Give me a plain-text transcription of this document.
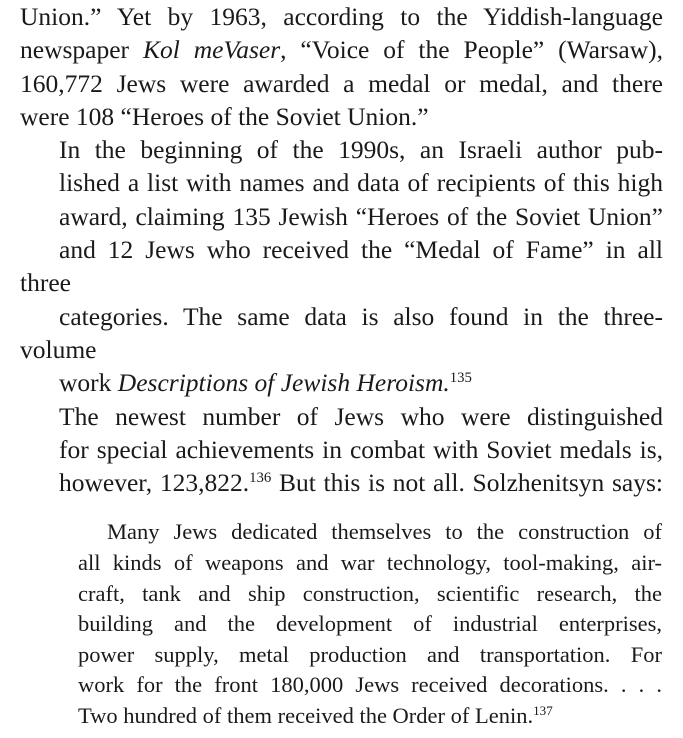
Union.” Yet by 1963, according to the Yiddish-language
newspaper Kol meVaser, “Voice of the People” (Warsaw),
160,772 Jews were awarded a medal or medal, and there
were 108 “Heroes of the Soviet Union.”

In the beginning of the 1990s, an Israeli author pub-
lished a list with names and data of recipients of this high
award, claiming 135 Jewish “Heroes of the Soviet Union”
and 12 Jews who received the “Medal of Fame” in all three
categories. The same data is also found in the three-volume
work Descriptions of Jewish Heroism.$^{135}$

The newest number of Jews who were distinguished
for special achievements in combat with Soviet medals is,
however, 123,822.$^{136}$ But this is not all. Solzhenitsyn says:

Many Jews dedicated themselves to the construction of
all kinds of weapons and war technology, tool-making, air-
craft, tank and ship construction, scientific research, the
building and the development of industrial enterprises,
power supply, metal production and transportation. For
work for the front 180,000 Jews received decorations. . . .
Two hundred of them received the Order of Lenin.$^{137}$
